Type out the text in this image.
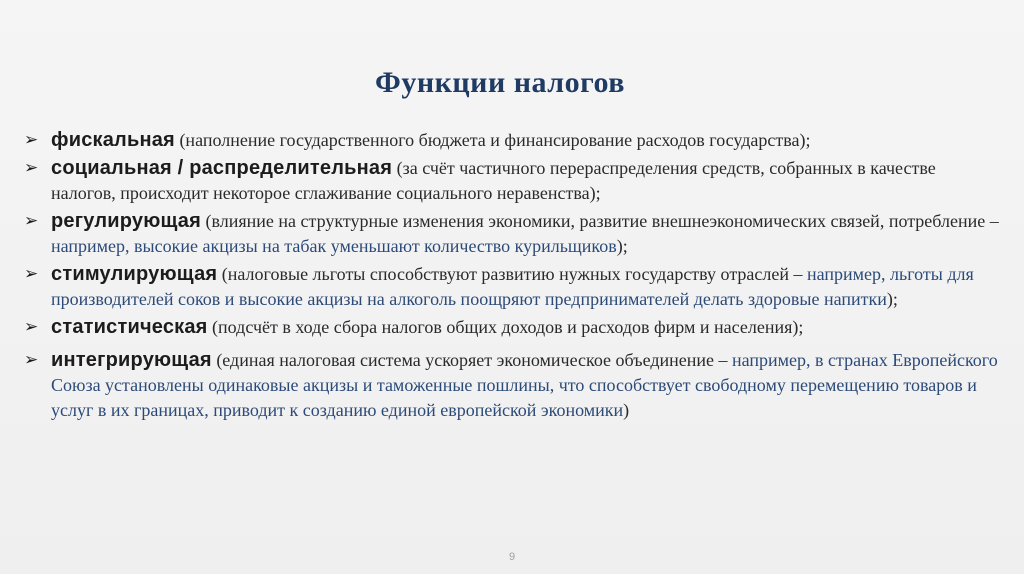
Функции налогов
➢ фискальная (наполнение государственного бюджета и финансирование расходов государства);
➢ социальная / распределительная (за счёт частичного перераспределения средств, собранных в качестве налогов, происходит некоторое сглаживание социального неравенства);
➢ регулирующая (влияние на структурные изменения экономики, развитие внешнеэкономических связей, потребление – например, высокие акцизы на табак уменьшают количество курильщиков);
➢ стимулирующая (налоговые льготы способствуют развитию нужных государству отраслей – например, льготы для производителей соков и высокие акцизы на алкоголь поощряют предпринимателей делать здоровые напитки);
➢ статистическая (подсчёт в ходе сбора налогов общих доходов и расходов фирм и населения);
➢ интегрирующая (единая налоговая система ускоряет экономическое объединение – например, в странах Европейского Союза установлены одинаковые акцизы и таможенные пошлины, что способствует свободному перемещению товаров и услуг в их границах, приводит к созданию единой европейской экономики)
9
